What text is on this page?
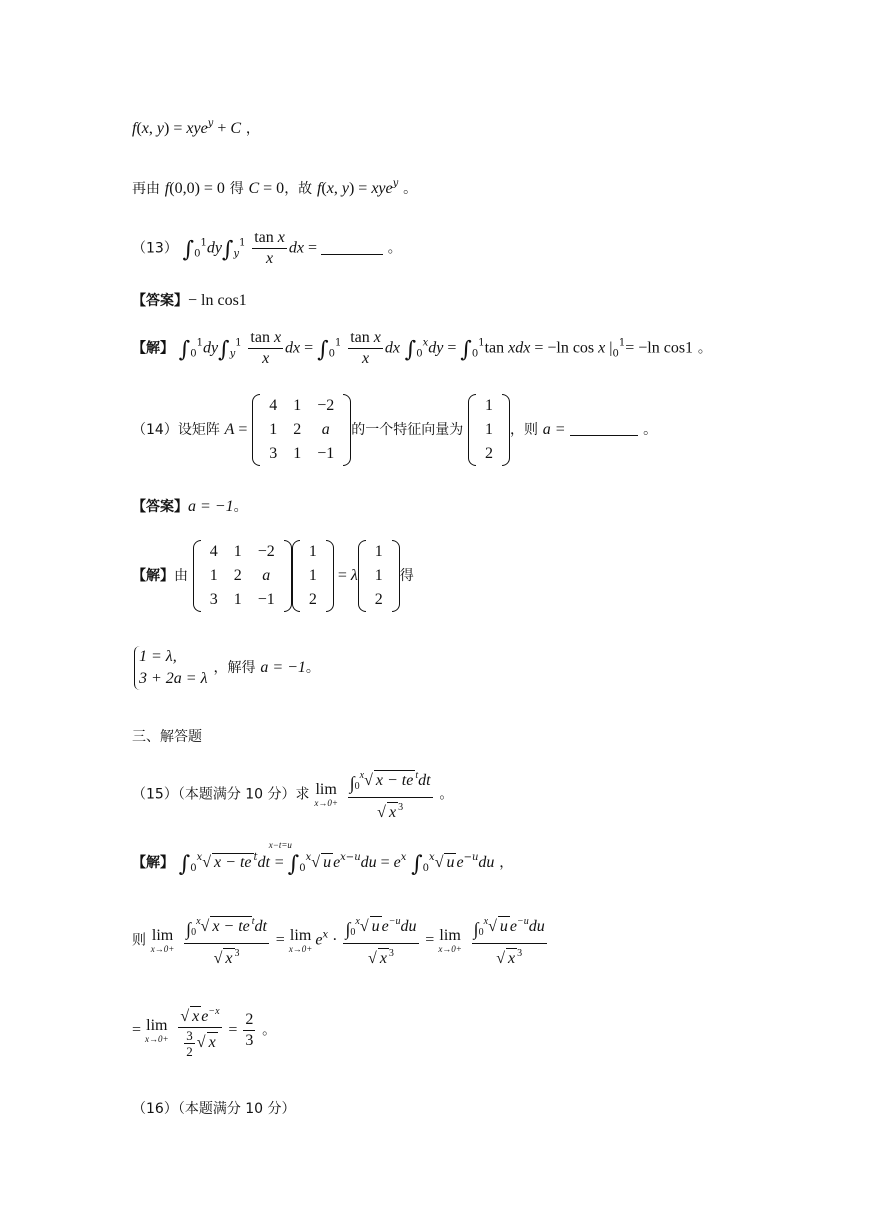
f(x, y) = xye$^y$ + C ，
再由 f(0,0) = 0 得 C = 0，故 f(x, y) = xye$^y$ 。
（13） $\int_0^1dy\int_y^1 \frac{\text{tan x}}{x}$ dx =	。
【答案】− ln cos1
【解】 $\int_0^1dy\int_y^1 \frac{\text{tan x}}{x}$ dx = $\int_0^1 \frac{\text{tan x}}{x}$ dx $\int_0^xdy = \int_0^1\tan$ xdx = −ln cos x $|_0^1= -\ln$ cos1 。
（14）设矩阵 A =
4	1	−2
1	2	a
3	1	−1
的一个特征向量为
1
1
2
，则 a =	。
【答案】a = −1。
【解】由
4	1	−2
1	2	a
3	1	−1
1
1
2
= λ
1
1
2
得
1 = λ,
3 + 2a = λ
，解得 a = −1。
三、解答题
（15）（本题满分 10 分）求 lim
x→0+
$\frac{\int_0^x√ x - te ^tdt}{√ x ^3}$ 。
【解】 $\int_0^x√$ x − te $^t$dt =
x−t=u
$\int_0^x√$ u $e^{x-u}du = e^x$ $\int_0^x√$ u $e^{-u}du$ ，
则 lim
x→0+
$\frac{\int_0^x√ x - te ^tdt}{√ x ^3} = \lim$
$x\to 0+ e^x \cdot \frac{\int_0^x√ u e^{-u}du}{√ x ^3} = \lim$
x→0+
$\frac{\int_0^x√ u e^{-u}du}{√ x ^3}$
= lim
x→0+
$\frac{√ x e^{-x}}{\frac{3}{2} √ x} = \frac{2}{3}$ 。
（16）（本题满分 10 分）
